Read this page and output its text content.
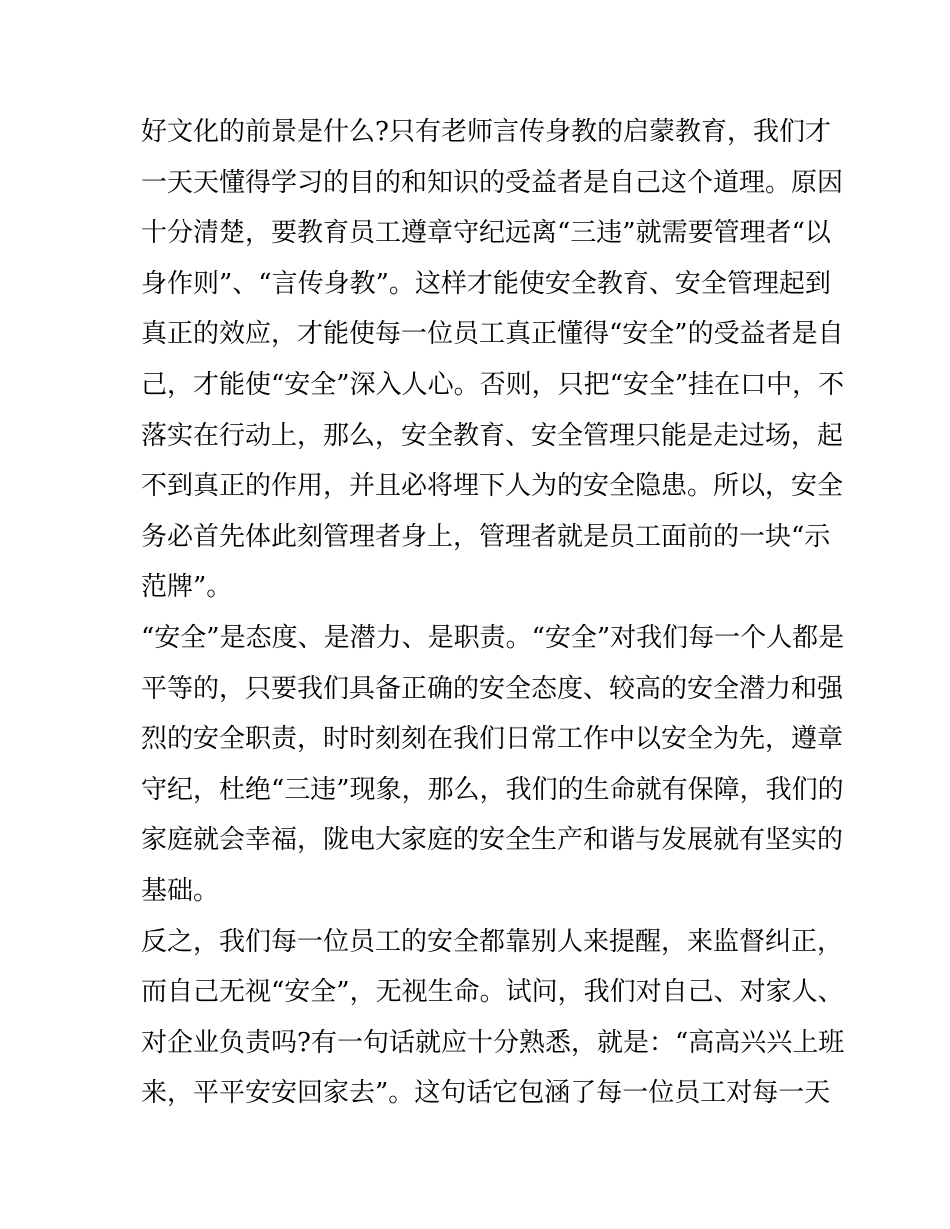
好文化的前景是什么?只有老师言传身教的启蒙教育，我们才
一天天懂得学习的目的和知识的受益者是自己这个道理。原因
十分清楚，要教育员工遵章守纪远离“三违”就需要管理者“以
身作则”、“言传身教”。这样才能使安全教育、安全管理起到
真正的效应，才能使每一位员工真正懂得“安全”的受益者是自
己，才能使“安全”深入人心。否则，只把“安全”挂在口中，不
落实在行动上，那么，安全教育、安全管理只能是走过场，起
不到真正的作用，并且必将埋下人为的安全隐患。所以，安全
务必首先体此刻管理者身上，管理者就是员工面前的一块“示
范牌”。
“安全”是态度、是潜力、是职责。“安全”对我们每一个人都是
平等的，只要我们具备正确的安全态度、较高的安全潜力和强
烈的安全职责，时时刻刻在我们日常工作中以安全为先，遵章
守纪，杜绝“三违”现象，那么，我们的生命就有保障，我们的
家庭就会幸福，陇电大家庭的安全生产和谐与发展就有坚实的
基础。
反之，我们每一位员工的安全都靠别人来提醒，来监督纠正，
而自己无视“安全”，无视生命。试问，我们对自己、对家人、
对企业负责吗?有一句话就应十分熟悉，就是：“高高兴兴上班
来，平平安安回家去”。这句话它包涵了每一位员工对每一天
